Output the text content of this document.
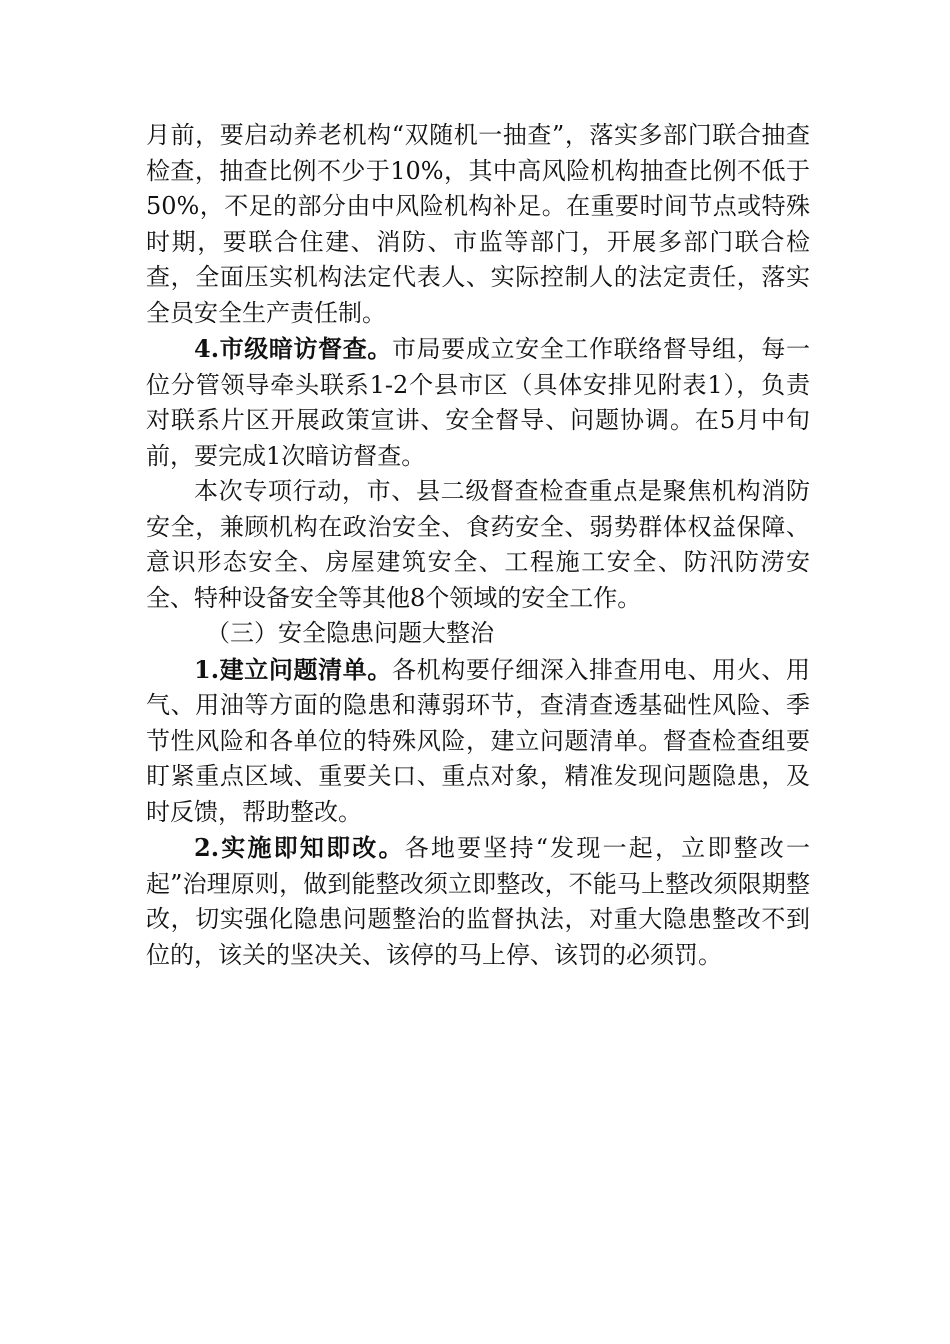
月前，要启动养老机构“双随机一抽查”，落实多部门联合抽查检查，抽查比例不少于10%，其中高风险机构抽查比例不低于50%，不足的部分由中风险机构补足。在重要时间节点或特殊时期，要联合住建、消防、市监等部门，开展多部门联合检查，全面压实机构法定代表人、实际控制人的法定责任，落实全员安全生产责任制。

4.市级暗访督查。市局要成立安全工作联络督导组，每一位分管领导牵头联系1-2个县市区（具体安排见附表1），负责对联系片区开展政策宣讲、安全督导、问题协调。在5月中旬前，要完成1次暗访督查。

本次专项行动，市、县二级督查检查重点是聚焦机构消防安全，兼顾机构在政治安全、食药安全、弱势群体权益保障、意识形态安全、房屋建筑安全、工程施工安全、防汛防涝安全、特种设备安全等其他8个领域的安全工作。

（三）安全隐患问题大整治

1.建立问题清单。各机构要仔细深入排查用电、用火、用气、用油等方面的隐患和薄弱环节，查清查透基础性风险、季节性风险和各单位的特殊风险，建立问题清单。督查检查组要盯紧重点区域、重要关口、重点对象，精准发现问题隐患，及时反馈，帮助整改。

2.实施即知即改。各地要坚持“发现一起，立即整改一起”治理原则，做到能整改须立即整改，不能马上整改须限期整改，切实强化隐患问题整治的监督执法，对重大隐患整改不到位的，该关的坚决关、该停的马上停、该罚的必须罚。
